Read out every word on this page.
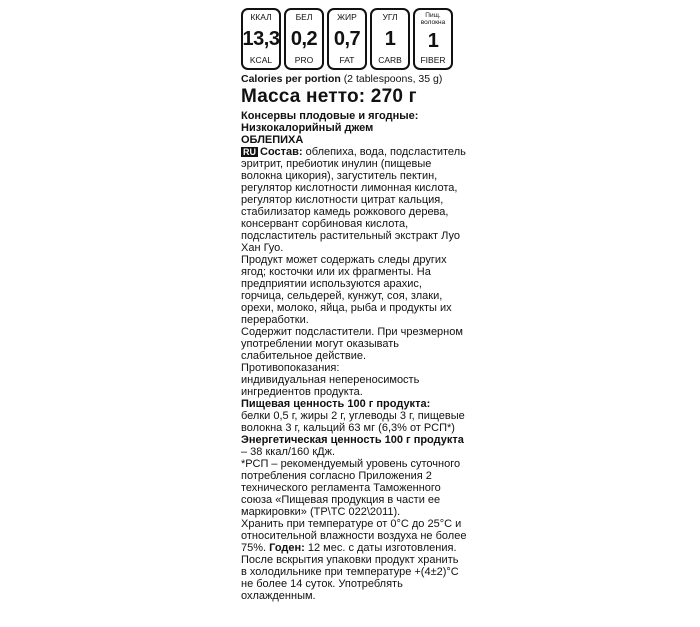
ККАЛ
13,3
KCAL
БЕЛ
0,2
PRO
ЖИР
0,7
FAT
УГЛ
1
CARB
Пищ. волокна
1
FIBER
Calories per portion (2 tablespoons, 35 g)
Масса нетто: 270 г

Консервы плодовые и ягодные:

Низкокалорийный джем

ОБЛЕПИХА

RU Состав: облепиха, вода, подсластитель эритрит, пребиотик инулин (пищевые волокна цикория), загуститель пектин, регулятор кислотности лимонная кислота, регулятор кислотности цитрат кальция, стабилизатор камедь рожкового дерева, консервант сорбиновая кислота, подсластитель растительный экстракт Луо Хан Гуо.

Продукт может содержать следы других ягод; косточки или их фрагменты. На предприятии используются арахис, горчица, сельдерей, кунжут, соя, злаки, орехи, молоко, яйца, рыба и продукты их переработки.

Содержит подсластители. При чрезмерном употреблении могут оказывать слабительное действие.

Противопоказания:

индивидуальная непереносимость ингредиентов продукта.

Пищевая ценность 100 г продукта:

белки 0,5 г, жиры 2 г, углеводы 3 г, пищевые волокна 3 г, кальций 63 мг (6,3% от РСП*)

Энергетическая ценность 100 г продукта – 38 ккал/160 кДж.

*РСП – рекомендуемый уровень суточного потребления согласно Приложения 2 технического регламента Таможенного союза «Пищевая продукция в части ее маркировки» (ТР\ТС 022\2011).

Хранить при температуре от 0°С до 25°С и относительной влажности воздуха не более 75%. Годен: 12 мес. с даты изготовления. После вскрытия упаковки продукт хранить в холодильнике при температуре +(4±2)°С не более 14 суток. Употреблять охлажденным.
